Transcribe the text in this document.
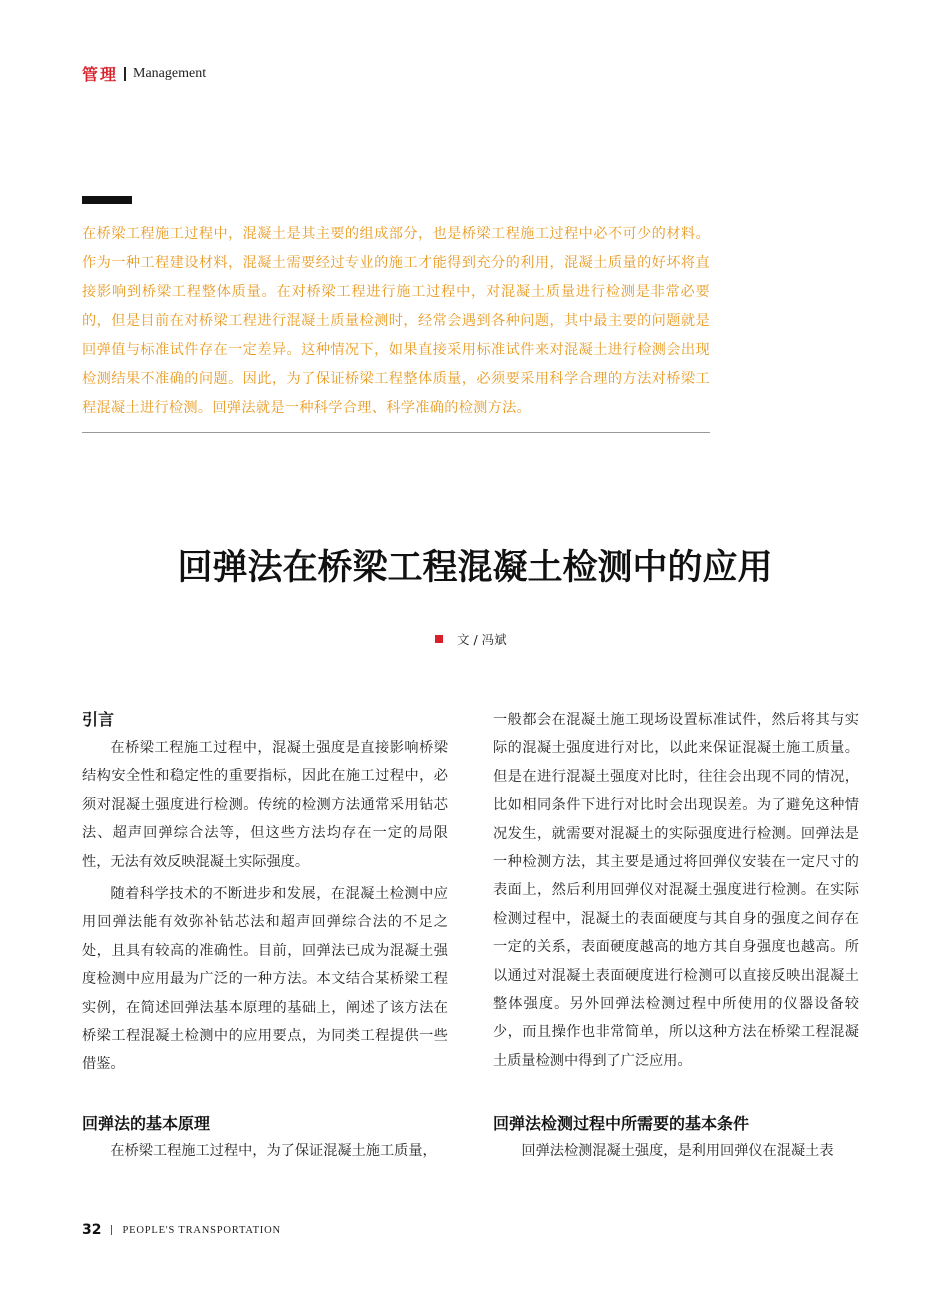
管理 Management
在桥梁工程施工过程中，混凝土是其主要的组成部分，也是桥梁工程施工过程中必不可少的材料。作为一种工程建设材料，混凝土需要经过专业的施工才能得到充分的利用，混凝土质量的好坏将直接影响到桥梁工程整体质量。在对桥梁工程进行施工过程中，对混凝土质量进行检测是非常必要的，但是目前在对桥梁工程进行混凝土质量检测时，经常会遇到各种问题，其中最主要的问题就是回弹值与标准试件存在一定差异。这种情况下，如果直接采用标准试件来对混凝土进行检测会出现检测结果不准确的问题。因此，为了保证桥梁工程整体质量，必须要采用科学合理的方法对桥梁工程混凝土进行检测。回弹法就是一种科学合理、科学准确的检测方法。
回弹法在桥梁工程混凝土检测中的应用
文 / 冯斌

引言

在桥梁工程施工过程中，混凝土强度是直接影响桥梁结构安全性和稳定性的重要指标，因此在施工过程中，必须对混凝土强度进行检测。传统的检测方法通常采用钻芯法、超声回弹综合法等，但这些方法均存在一定的局限性，无法有效反映混凝土实际强度。

随着科学技术的不断进步和发展，在混凝土检测中应用回弹法能有效弥补钻芯法和超声回弹综合法的不足之处，且具有较高的准确性。目前，回弹法已成为混凝土强度检测中应用最为广泛的一种方法。本文结合某桥梁工程实例，在简述回弹法基本原理的基础上，阐述了该方法在桥梁工程混凝土检测中的应用要点，为同类工程提供一些借鉴。

一般都会在混凝土施工现场设置标准试件，然后将其与实际的混凝土强度进行对比，以此来保证混凝土施工质量。但是在进行混凝土强度对比时，往往会出现不同的情况，比如相同条件下进行对比时会出现误差。为了避免这种情况发生，就需要对混凝土的实际强度进行检测。回弹法是一种检测方法，其主要是通过将回弹仪安装在一定尺寸的表面上，然后利用回弹仪对混凝土强度进行检测。在实际检测过程中，混凝土的表面硬度与其自身的强度之间存在一定的关系，表面硬度越高的地方其自身强度也越高。所以通过对混凝土表面硬度进行检测可以直接反映出混凝土整体强度。另外回弹法检测过程中所使用的仪器设备较少，而且操作也非常简单，所以这种方法在桥梁工程混凝土质量检测中得到了广泛应用。

回弹法的基本原理

在桥梁工程施工过程中，为了保证混凝土施工质量，

回弹法检测过程中所需要的基本条件

回弹法检测混凝土强度，是利用回弹仪在混凝土表

32 PEOPLE'S TRANSPORTATION
